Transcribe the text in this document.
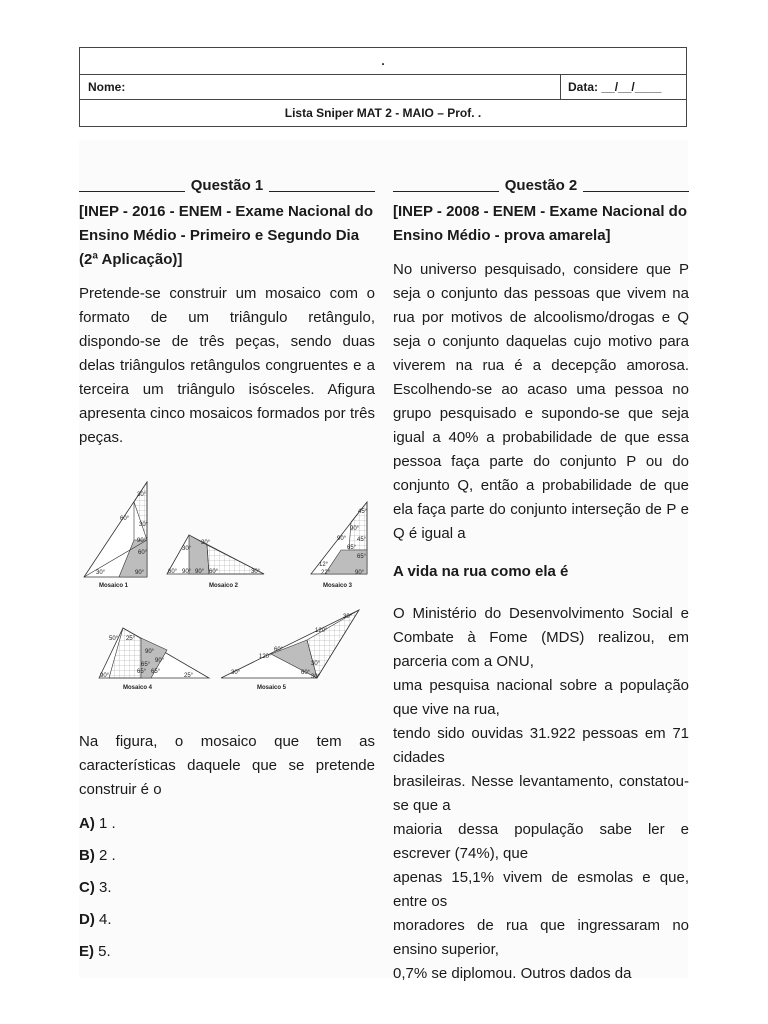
.
Nome:	Data: __/__/____
Lista Sniper MAT 2 - MAIO – Prof. .
Questão 1
[INEP - 2016 - ENEM - Exame Nacional do Ensino Médio - Primeiro e Segundo Dia (2ª Aplicação)]

Pretende-se construir um mosaico com o formato de um triângulo retângulo, dispondo-se de três peças, sendo duas delas triângulos retângulos congruentes e a terceira um triângulo isósceles. Afigura apresenta cinco mosaicos formados por três peças.

30°
60°
30°
90°
60°
30°	90°
Mosaico 1
30°
30°
60° 90° 90° 60°	30°
Mosaico 2
45°
90°
90° 45°
65°
65°
12°
22°	90°
Mosaico 3
50° 25°
90°
65°
90°
65° 65°
90°	25°
Mosaico 4
30°
120°
120°
60°
30°
30°	60°
30°
Mosaico 5

Na figura, o mosaico que tem as características daquele que se pretende construir é o

A) 1 .
B) 2 .
C) 3.
D) 4.
E) 5.
Questão 2
[INEP - 2008 - ENEM - Exame Nacional do Ensino Médio - prova amarela]

No universo pesquisado, considere que P seja o conjunto das pessoas que vivem na rua por motivos de alcoolismo/drogas e Q seja o conjunto daquelas cujo motivo para viverem na rua é a decepção amorosa. Escolhendo-se ao acaso uma pessoa no grupo pesquisado e supondo-se que seja igual a 40% a probabilidade de que essa pessoa faça parte do conjunto P ou do conjunto Q, então a probabilidade de que ela faça parte do conjunto interseção de P e Q é igual a

A vida na rua como ela é

O Ministério do Desenvolvimento Social e Combate à Fome (MDS) realizou, em parceria com a ONU,

uma pesquisa nacional sobre a população que vive na rua,

tendo sido ouvidas 31.922 pessoas em 71 cidades

brasileiras. Nesse levantamento, constatou-se que a

maioria dessa população sabe ler e escrever (74%), que

apenas 15,1% vivem de esmolas e que, entre os

moradores de rua que ingressaram no ensino superior,

0,7% se diplomou. Outros dados da
